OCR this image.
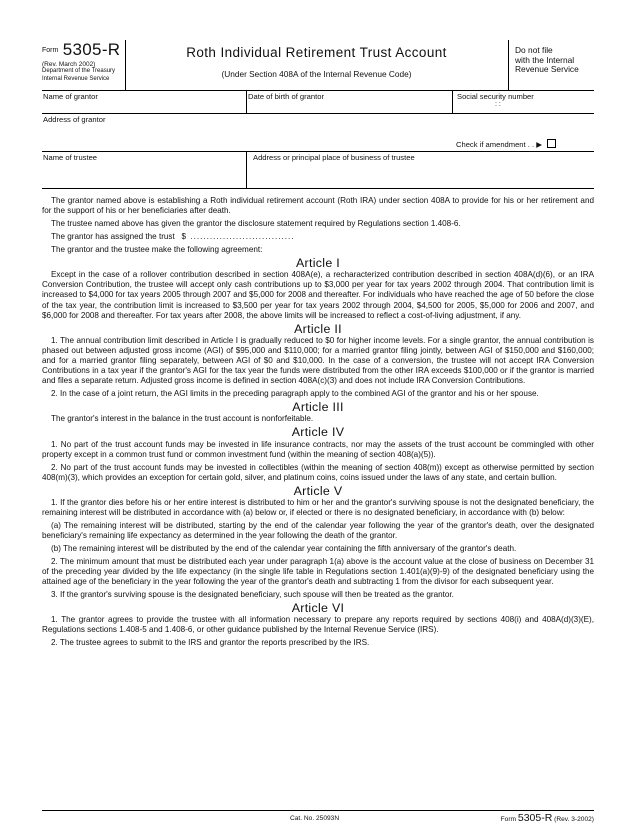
Form 5305-R
(Rev. March 2002)
Department of the Treasury
Internal Revenue Service
Roth Individual Retirement Trust Account
(Under Section 408A of the Internal Revenue Code)
Do not file
with the Internal
Revenue Service
Name of grantor	Date of birth of grantor	Social security number
: :
Address of grantor
Check if amendment . . ▶
Name of trustee	Address or principal place of business of trustee

The grantor named above is establishing a Roth individual retirement account (Roth IRA) under section 408A to provide for his or her retirement and for the support of his or her beneficiaries after death.

The trustee named above has given the grantor the disclosure statement required by Regulations section 1.408-6.

The grantor has assigned the trust $ ................................

The grantor and the trustee make the following agreement:

Article I

Except in the case of a rollover contribution described in section 408A(e), a recharacterized contribution described in section 408A(d)(6), or an IRA Conversion Contribution, the trustee will accept only cash contributions up to $3,000 per year for tax years 2002 through 2004. That contribution limit is increased to $4,000 for tax years 2005 through 2007 and $5,000 for 2008 and thereafter. For individuals who have reached the age of 50 before the close of the tax year, the contribution limit is increased to $3,500 per year for tax years 2002 through 2004, $4,500 for 2005, $5,000 for 2006 and 2007, and $6,000 for 2008 and thereafter. For tax years after 2008, the above limits will be increased to reflect a cost-of-living adjustment, if any.

Article II

1. The annual contribution limit described in Article I is gradually reduced to $0 for higher income levels. For a single grantor, the annual contribution is phased out between adjusted gross income (AGI) of $95,000 and $110,000; for a married grantor filing jointly, between AGI of $150,000 and $160,000; and for a married grantor filing separately, between AGI of $0 and $10,000. In the case of a conversion, the trustee will not accept IRA Conversion Contributions in a tax year if the grantor's AGI for the tax year the funds were distributed from the other IRA exceeds $100,000 or if the grantor is married and files a separate return. Adjusted gross income is defined in section 408A(c)(3) and does not include IRA Conversion Contributions.

2. In the case of a joint return, the AGI limits in the preceding paragraph apply to the combined AGI of the grantor and his or her spouse.

Article III

The grantor's interest in the balance in the trust account is nonforfeitable.

Article IV

1. No part of the trust account funds may be invested in life insurance contracts, nor may the assets of the trust account be commingled with other property except in a common trust fund or common investment fund (within the meaning of section 408(a)(5)).

2. No part of the trust account funds may be invested in collectibles (within the meaning of section 408(m)) except as otherwise permitted by section 408(m)(3), which provides an exception for certain gold, silver, and platinum coins, coins issued under the laws of any state, and certain bullion.

Article V

1. If the grantor dies before his or her entire interest is distributed to him or her and the grantor's surviving spouse is not the designated beneficiary, the remaining interest will be distributed in accordance with (a) below or, if elected or there is no designated beneficiary, in accordance with (b) below:

(a) The remaining interest will be distributed, starting by the end of the calendar year following the year of the grantor's death, over the designated beneficiary's remaining life expectancy as determined in the year following the death of the grantor.

(b) The remaining interest will be distributed by the end of the calendar year containing the fifth anniversary of the grantor's death.

2. The minimum amount that must be distributed each year under paragraph 1(a) above is the account value at the close of business on December 31 of the preceding year divided by the life expectancy (in the single life table in Regulations section 1.401(a)(9)-9) of the designated beneficiary using the attained age of the beneficiary in the year following the year of the grantor's death and subtracting 1 from the divisor for each subsequent year.

3. If the grantor's surviving spouse is the designated beneficiary, such spouse will then be treated as the grantor.

Article VI

1. The grantor agrees to provide the trustee with all information necessary to prepare any reports required by sections 408(i) and 408A(d)(3)(E), Regulations sections 1.408-5 and 1.408-6, or other guidance published by the Internal Revenue Service (IRS).

2. The trustee agrees to submit to the IRS and grantor the reports prescribed by the IRS.

Cat. No. 25093N	Form 5305-R (Rev. 3-2002)
